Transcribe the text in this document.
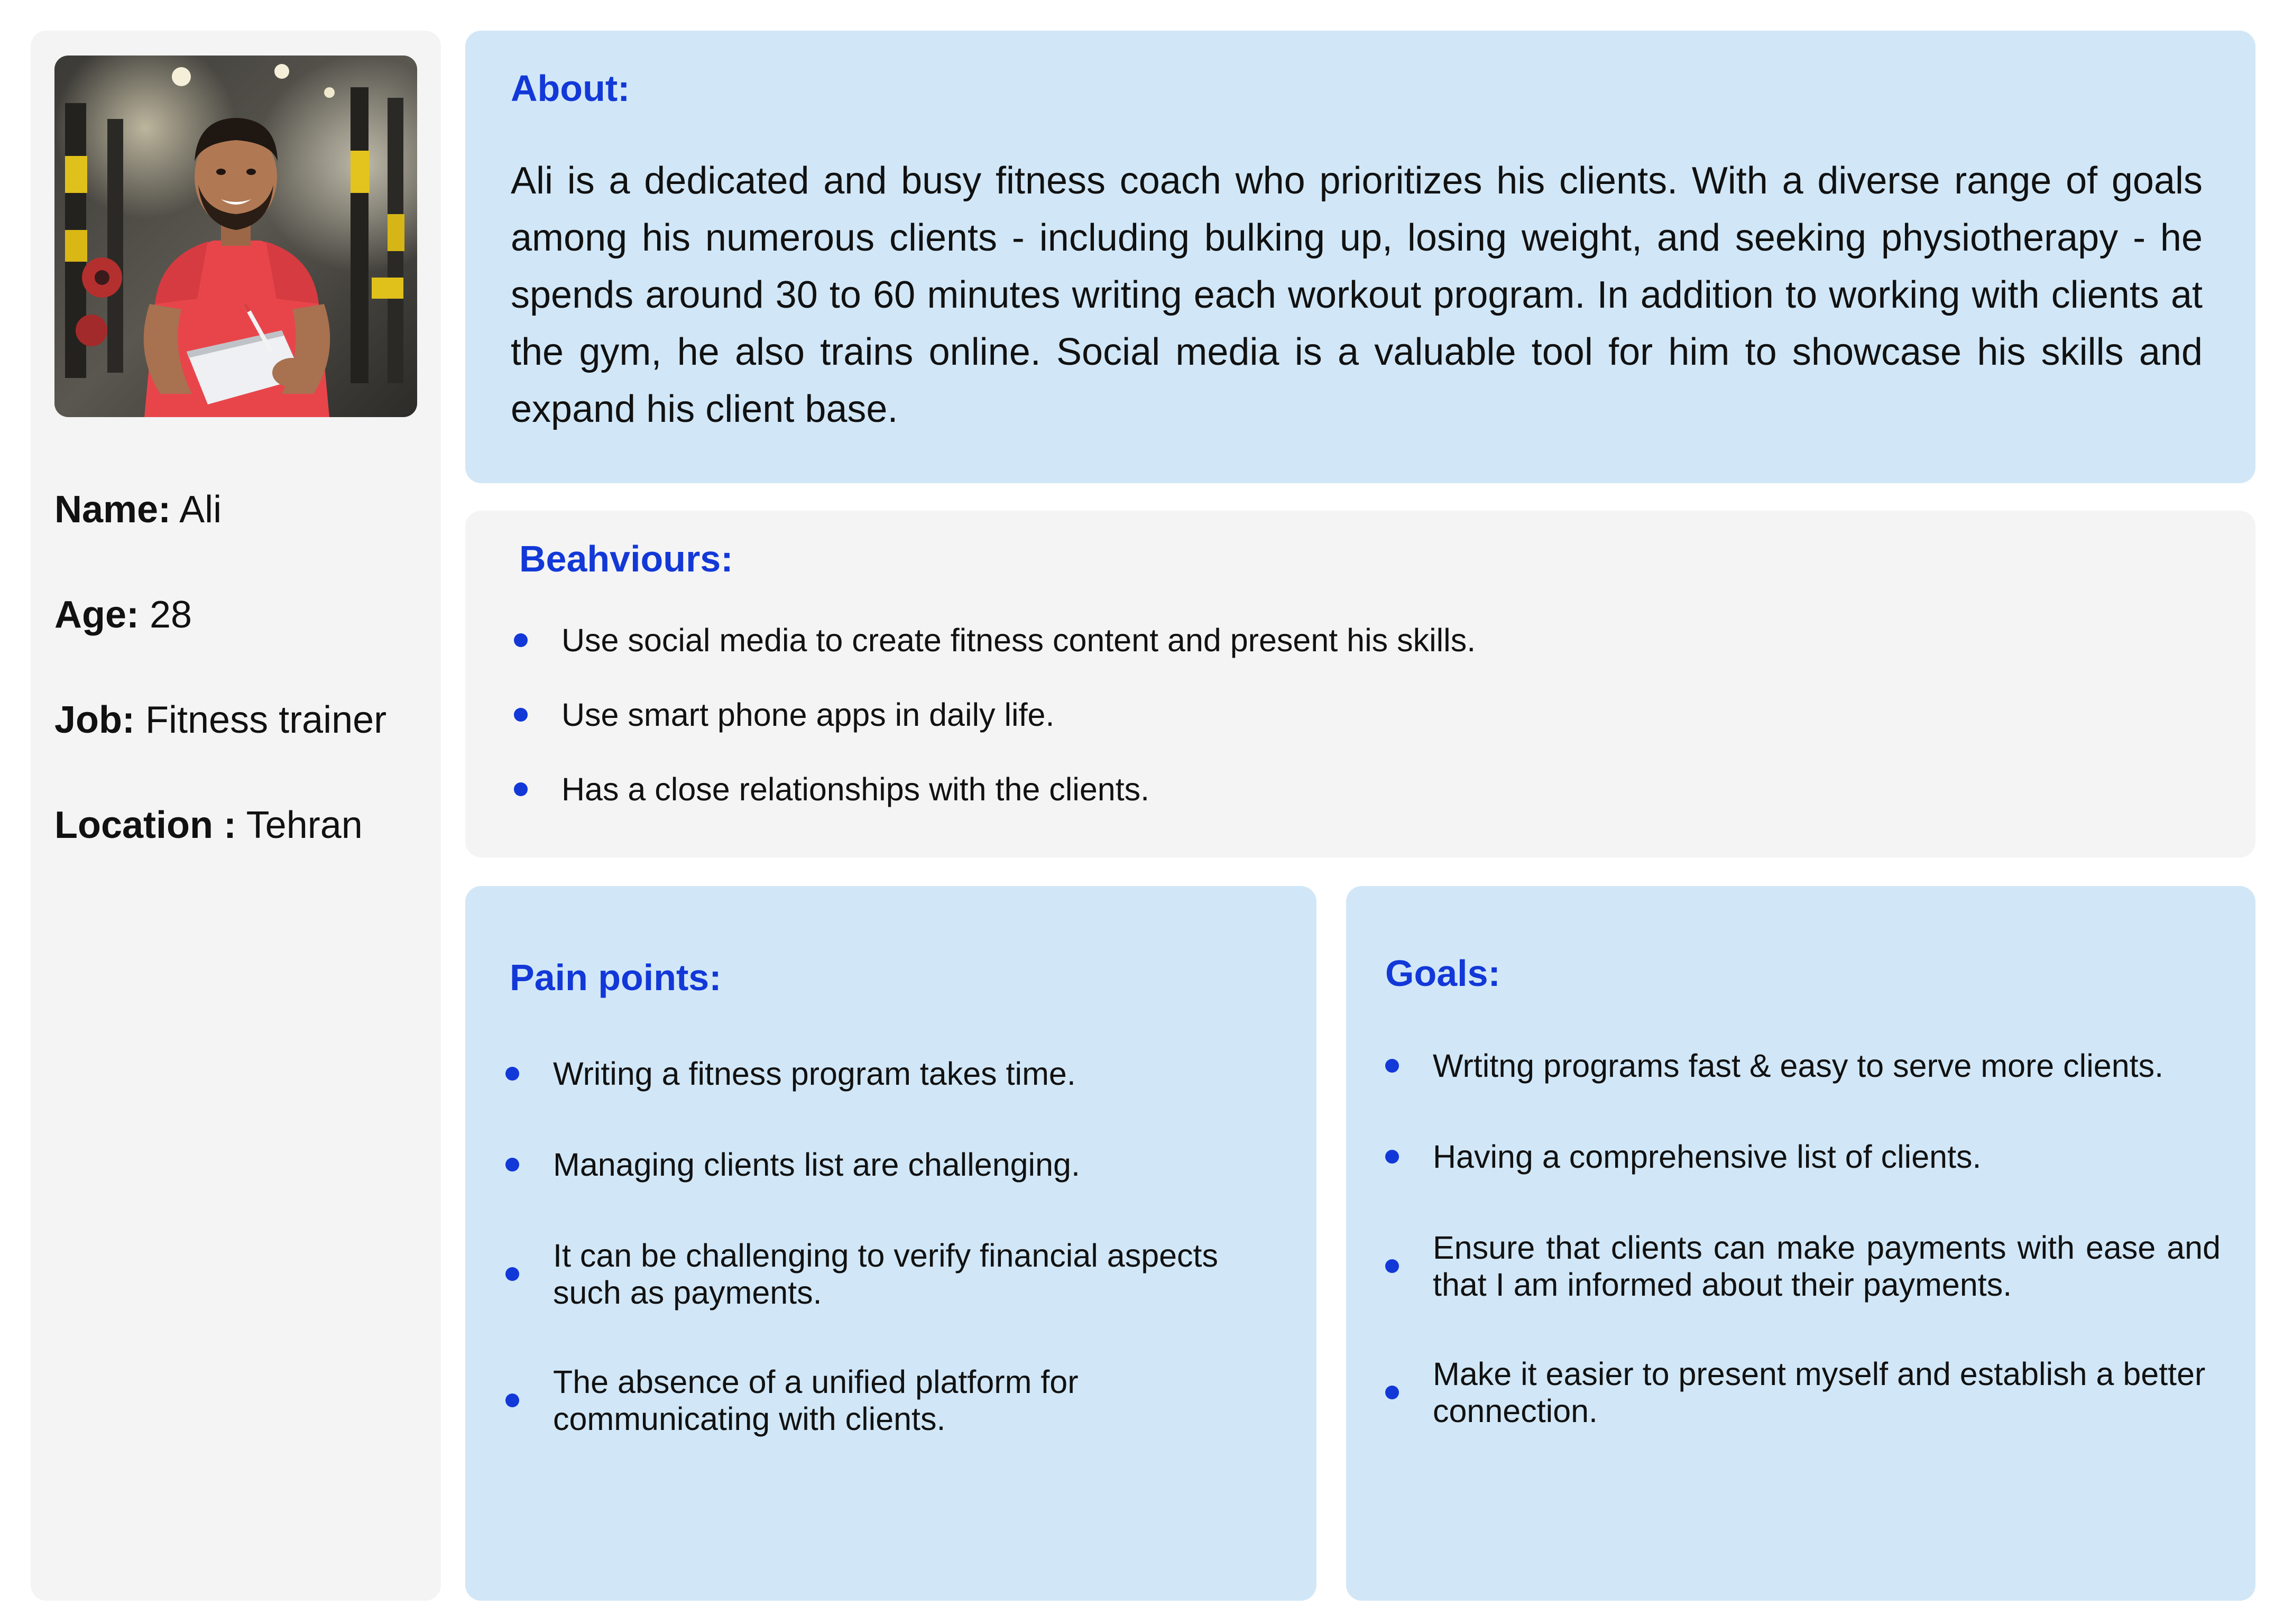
Name: Ali
Age: 28
Job: Fitness trainer
Location : Tehran
About:
Ali is a dedicated and busy fitness coach who prioritizes his clients. With a diverse range of goals among his numerous clients - including bulking up, losing weight, and seeking physiotherapy - he spends around 30 to 60 minutes writing each workout program. In addition to working with clients at the gym, he also trains online. Social media is a valuable tool for him to showcase his skills and expand his client base.
Beahviours:
Use social media to create fitness content and present his skills.
Use smart phone apps in daily life.
Has a close relationships with the clients.
Pain points:
Writing a fitness program takes time.
Managing clients list are challenging.
It can be challenging to verify financial aspects such as payments.
The absence of a unified platform for communicating with clients.
Goals:
Wrtitng programs fast & easy to serve more clients.
Having a comprehensive list of clients.
Ensure that clients can make payments with ease and that I am informed about their payments.
Make it easier to present myself and establish a better connection.
